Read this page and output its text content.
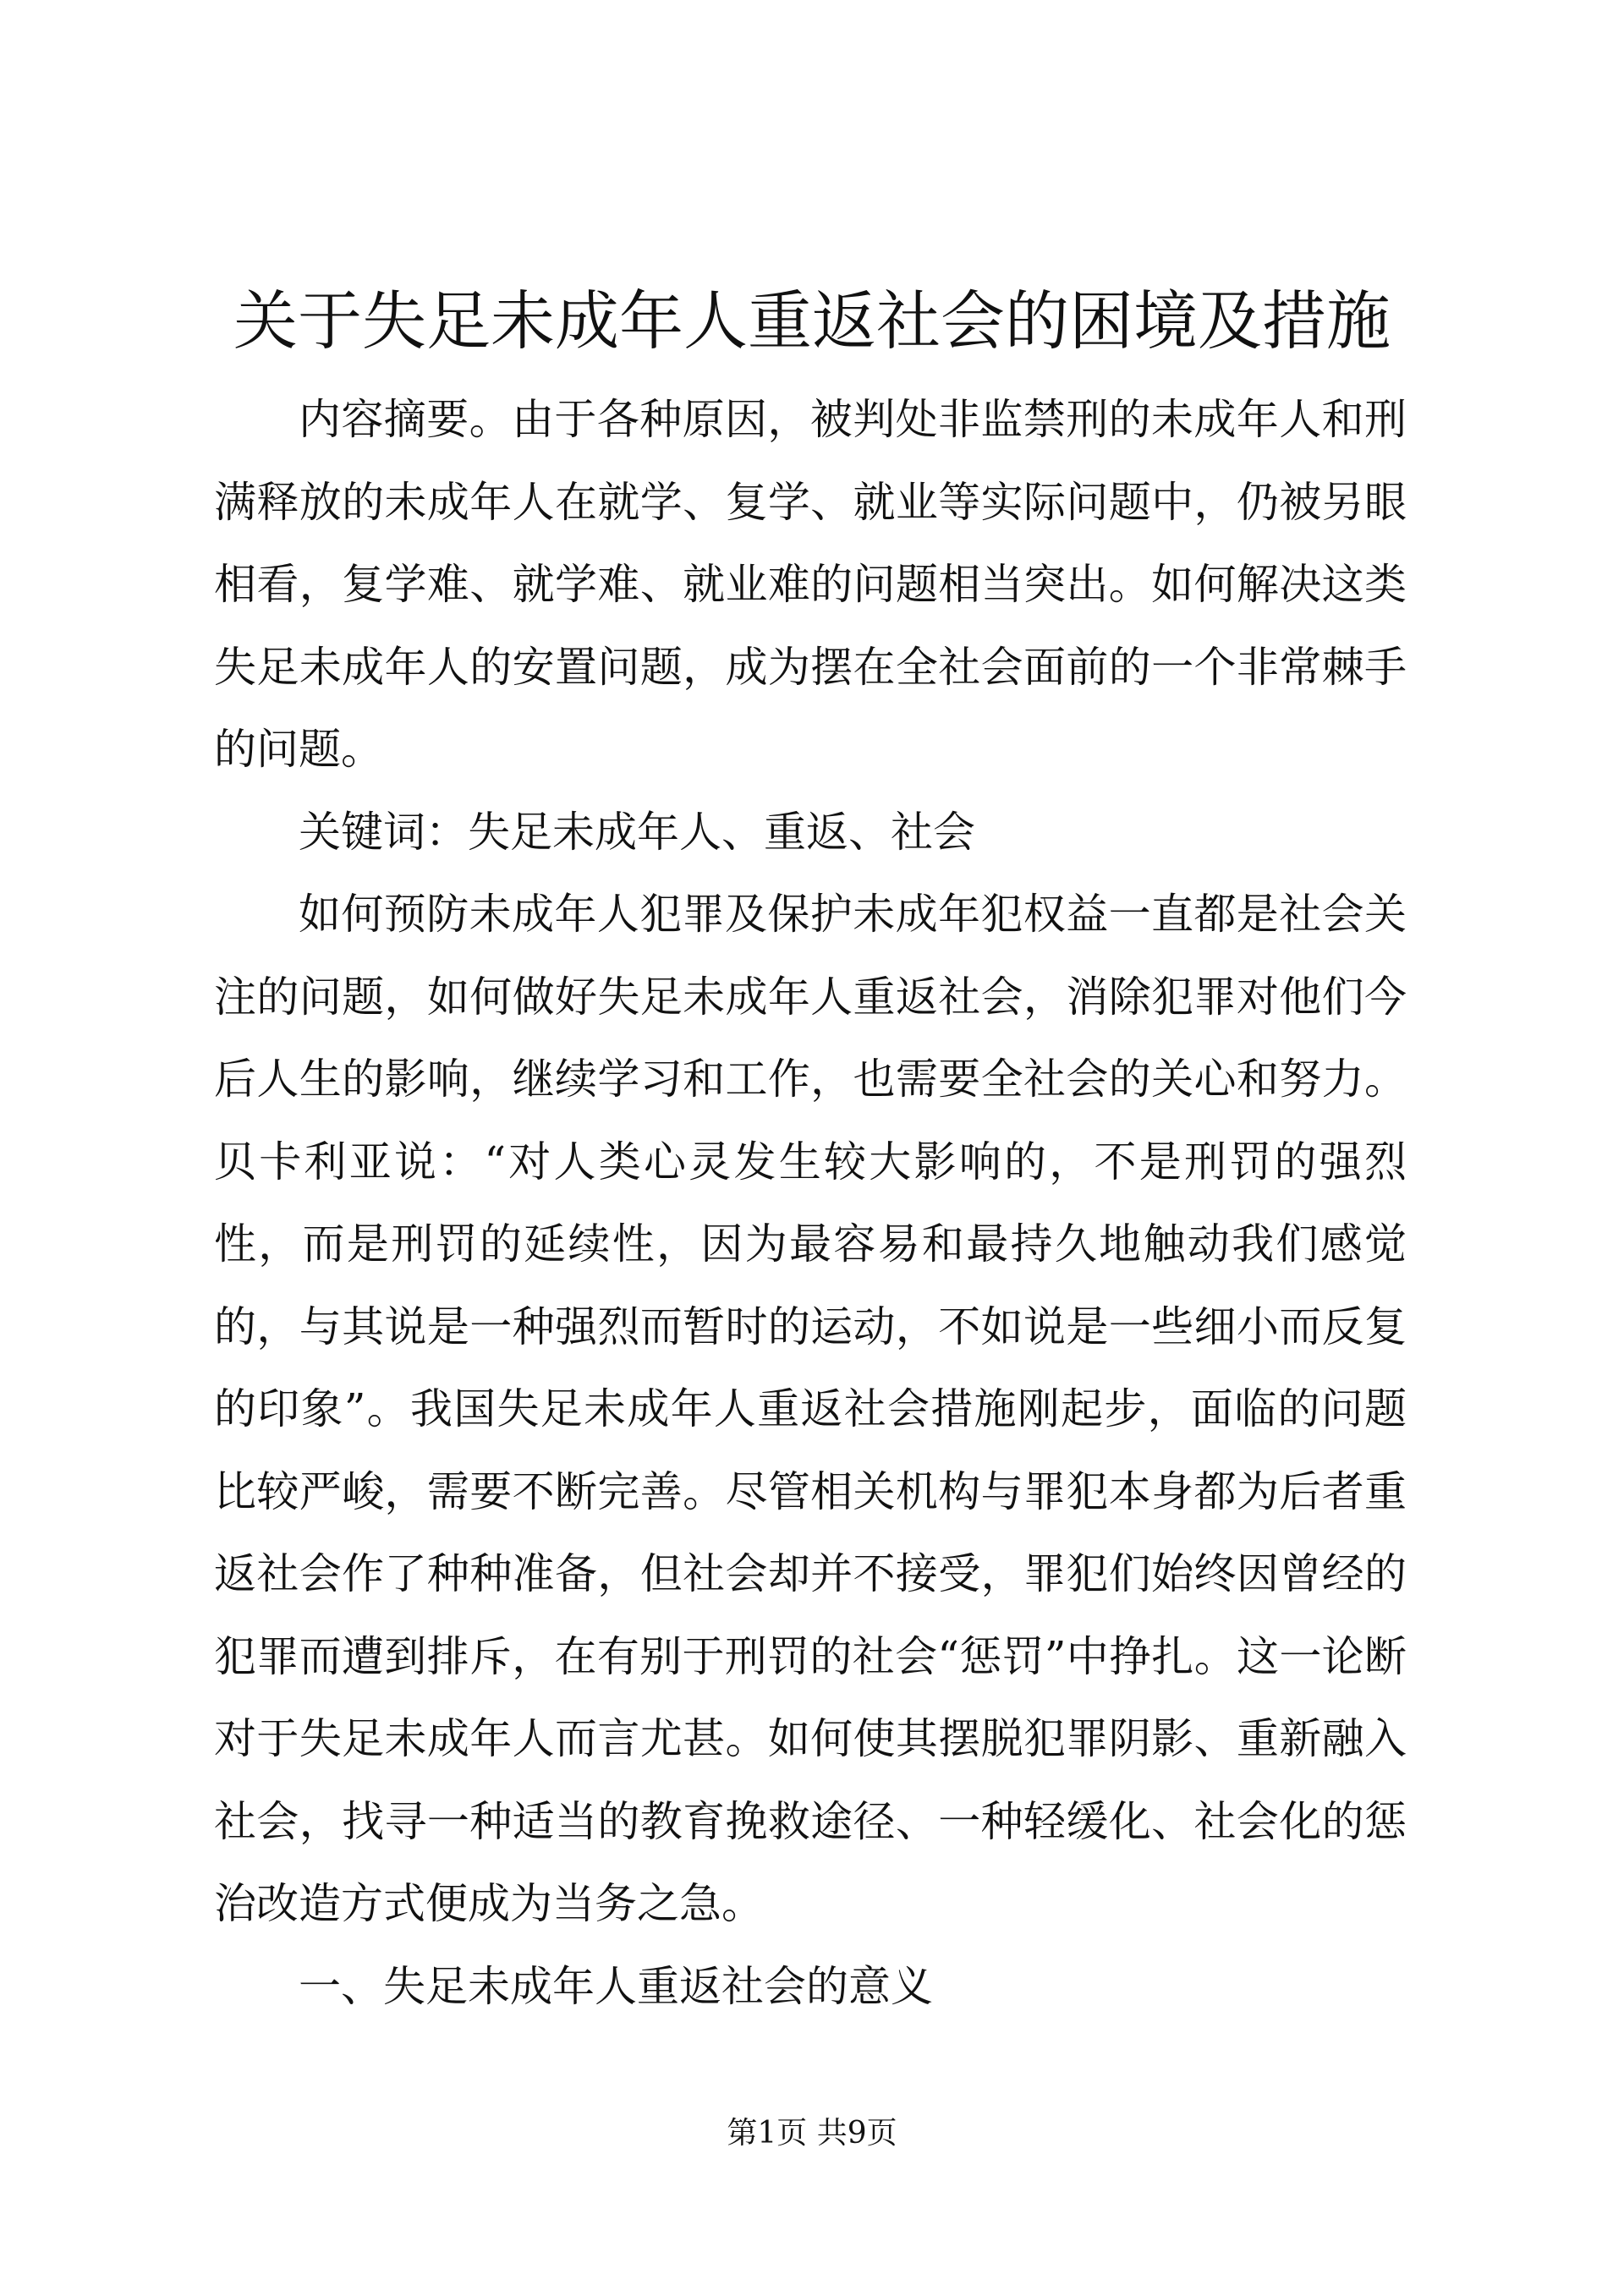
关于失足未成年人重返社会的困境及措施

内容摘要。由于各种原因，被判处非监禁刑的未成年人和刑满释放的未成年人在就学、复学、就业等实际问题中，仍被另眼相看，复学难、就学难、就业难的问题相当突出。如何解决这类失足未成年人的安置问题，成为摆在全社会面前的一个非常棘手的问题。

关键词：失足未成年人、重返、社会

如何预防未成年人犯罪及保护未成年犯权益一直都是社会关注的问题，如何做好失足未成年人重返社会，消除犯罪对他们今后人生的影响，继续学习和工作，也需要全社会的关心和努力。贝卡利亚说：“对人类心灵发生较大影响的，不是刑罚的强烈性，而是刑罚的延续性，因为最容易和最持久地触动我们感觉的，与其说是一种强烈而暂时的运动，不如说是一些细小而反复的印象”。我国失足未成年人重返社会措施刚起步，面临的问题比较严峻，需要不断完善。尽管相关机构与罪犯本身都为后者重返社会作了种种准备，但社会却并不接受，罪犯们始终因曾经的犯罪而遭到排斥，在有别于刑罚的社会“惩罚”中挣扎。这一论断对于失足未成年人而言尤甚。如何使其摆脱犯罪阴影、重新融入社会，找寻一种适当的教育挽救途径、一种轻缓化、社会化的惩治改造方式便成为当务之急。

一、失足未成年人重返社会的意义

第1页 共9页
